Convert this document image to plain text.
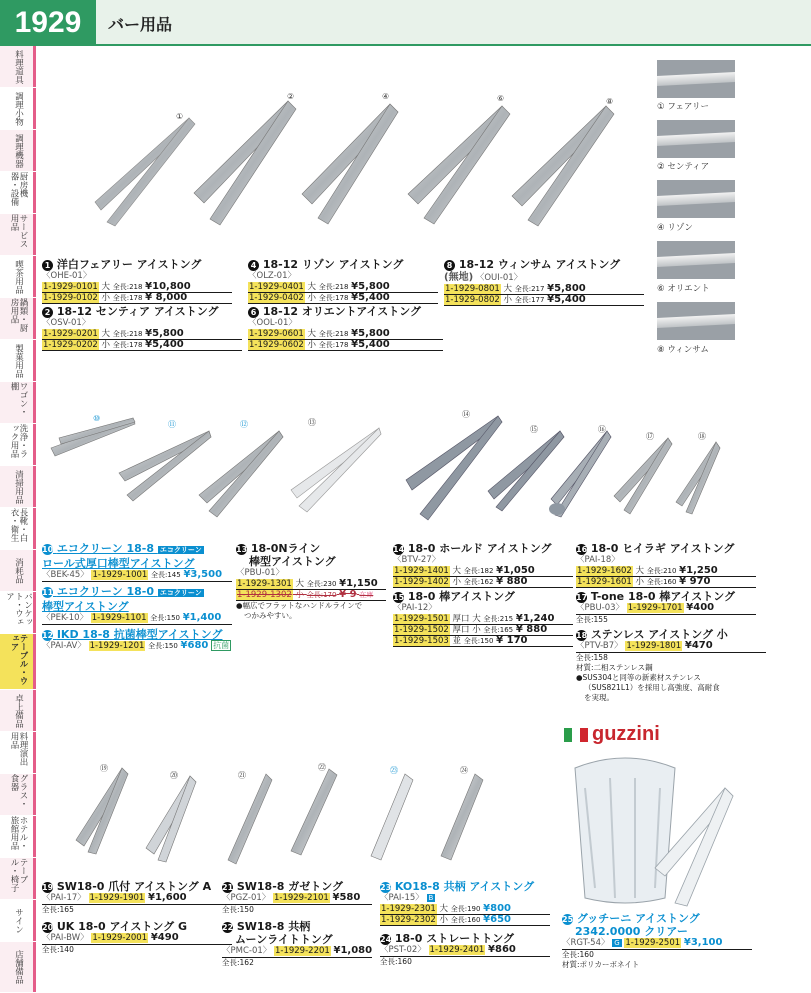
1929	バー用品
料理道具
調理小物
調理機器
厨房機器・設備
サービス用品
喫茶用品
鍋類・厨房用品
製菓用品
ワゴン・棚
洗浄・ラック用品
清掃用品
長靴・白衣・衛生
消耗品
バンケット・ウェア
テーブル・ウェア
卓上備品
料理演出用品
グラス・食器
ホテル・旅館用品
テーブル・椅子
サイン
店舗備品
①
②	④	⑥	⑧
① フェアリー
② センティア
④ リゾン
⑥ オリエント
⑧ ウィンサム
1 洋白フェアリー アイストング
〈OHE-01〉
1-1929-0101 大 全長:218 ¥10,800
1-1929-0102 小 全長:178 ¥ 8,000
2 18-12 センティア アイストング
〈OSV-01〉
1-1929-0201 大 全長:218 ¥5,800
1-1929-0202 小 全長:178 ¥5,400
4 18-12 リゾン アイストング
〈OLZ-01〉
1-1929-0401 大 全長:218 ¥5,800
1-1929-0402 小 全長:178 ¥5,400
6 18-12 オリエントアイストング
〈OOL-01〉
1-1929-0601 大 全長:218 ¥5,800
1-1929-0602 小 全長:178 ¥5,400
8 18-12 ウィンサム アイストング
(無地) 〈OUI-01〉
1-1929-0801 大 全長:217 ¥5,800
1-1929-0802 小 全長:177 ¥5,400
⑩
⑪	⑫	⑬
⑭
⑮	⑯
⑰	⑱
10 エコクリーン 18-8 エコクリーン
ロール式厚口棒型アイストング
〈BEK-45〉 1-1929-1001 全長:145 ¥3,500
11 エコクリーン 18-0 エコクリーン
棒型アイストング
〈PEK-10〉 1-1929-1101 全長:150 ¥1,400
12 IKD 18-8 抗菌棒型アイストング
〈PAI-AV〉 1-1929-1201 全長:150 ¥680 抗菌
13 18-0Nライン
棒型アイストング
〈PBU-01〉
1-1929-1301 大 全長:230 ¥1,150
1-1929-1302 小 全長:170 ¥ 9 在庫
●幅広でフラットなハンドルラインで
つかみやすい。
14 18-0 ホールド アイストング
〈BTV-27〉
1-1929-1401 大 全長:182 ¥1,050
1-1929-1402 小 全長:162 ¥ 880
15 18-0 棒アイストング
〈PAI-12〉
1-1929-1501 厚口 大 全長:215 ¥1,240
1-1929-1502 厚口 小 全長:165 ¥ 880
1-1929-1503 並 全長:150 ¥ 170
16 18-0 ヒイラギ アイストング
〈PAI-18〉
1-1929-1602 大 全長:210 ¥1,250
1-1929-1601 小 全長:160 ¥ 970
17 T-one 18-0 棒アイストング
〈PBU-03〉 1-1929-1701 ¥400
全長:155
18 ステンレス アイストング 小
〈PTV-B7〉 1-1929-1801 ¥470
全長:158
材質:二相ステンレス鋼
●SUS304と同等の新素材ステンレス
（SUS821L1）を採用し高強度、高耐食
を実現。
⑲
⑳	㉑
㉒	㉓	㉔
guzzini
19 SW18-0 爪付 アイストング A
〈PAI-17〉 1-1929-1901 ¥1,600
全長:165
20 UK 18-0 アイストング G
〈PAI-BW〉 1-1929-2001 ¥490
全長:140
21 SW18-8 ガゼトング
〈PGZ-01〉 1-1929-2101 ¥580
全長:150
22 SW18-8 共柄
ムーンライトトング
〈PMC-01〉 1-1929-2201 ¥1,080
全長:162
23 KO18-8 共柄 アイストング
〈PAI-15〉 B
1-1929-2301 大 全長:190 ¥800
1-1929-2302 小 全長:160 ¥650
24 18-0 ストレートトング
〈PST-02〉 1-1929-2401 ¥860
全長:160
25 グッチーニ アイストング
2342.0000 クリアー
〈RGT-54〉 G 1-1929-2501 ¥3,100
全長:160
材質:ポリカーボネイト
